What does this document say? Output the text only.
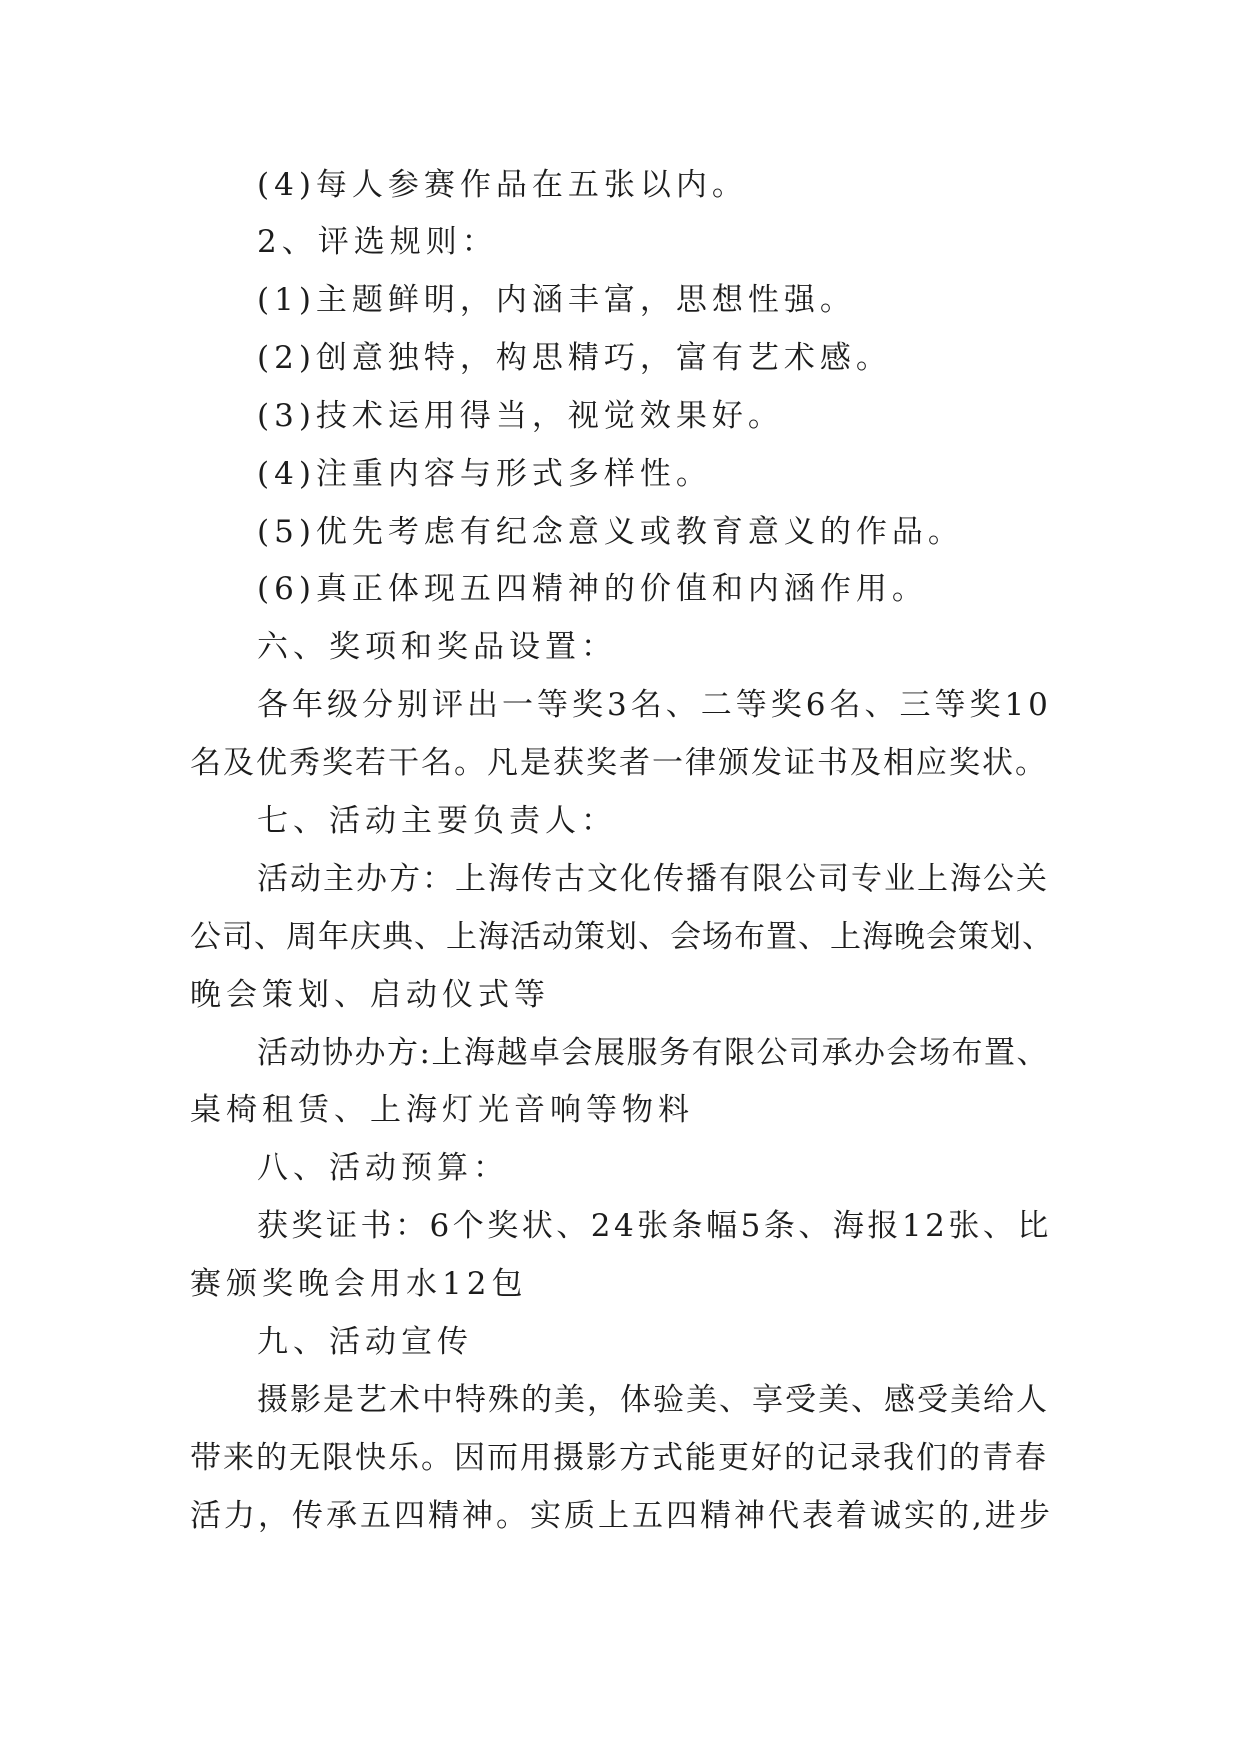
(4)每人参赛作品在五张以内。
2、评选规则：
(1)主题鲜明，内涵丰富，思想性强。
(2)创意独特，构思精巧，富有艺术感。
(3)技术运用得当，视觉效果好。
(4)注重内容与形式多样性。
(5)优先考虑有纪念意义或教育意义的作品。
(6)真正体现五四精神的价值和内涵作用。
六、奖项和奖品设置：
各年级分别评出一等奖3名、二等奖6名、三等奖10
名及优秀奖若干名。凡是获奖者一律颁发证书及相应奖状。
七、活动主要负责人：
活动主办方：上海传古文化传播有限公司专业上海公关
公司、周年庆典、上海活动策划、会场布置、上海晚会策划、
晚会策划、启动仪式等
活动协办方:上海越卓会展服务有限公司承办会场布置、
桌椅租赁、上海灯光音响等物料
八、活动预算：
获奖证书：6个奖状、24张条幅5条、海报12张、比
赛颁奖晚会用水12包
九、活动宣传
摄影是艺术中特殊的美，体验美、享受美、感受美给人
带来的无限快乐。因而用摄影方式能更好的记录我们的青春
活力，传承五四精神。实质上五四精神代表着诚实的,进步
